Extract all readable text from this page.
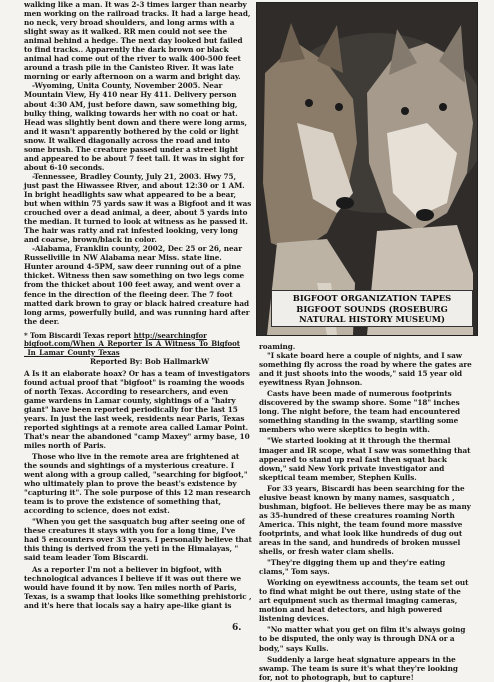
walking like a man. It was 2-3 times larger than nearby men working on the railroad tracks. It had a large head, no neck, very broad shoulders, and long arms with a slight sway as it walked. RR men could not see the animal behind a hedge. The next day looked but failed to find tracks.. Apparently the dark brown or black animal had come out of the river to walk 400-500 feet around a trash pile in the Canisteo River. It was late morning or early afternoon on a warm and bright day.

-Wyoming, Unita County, November 2005. Near Mountain View, Hy 410 near Hy 411. Delivery person about 4:30 AM, just before dawn, saw something big, bulky thing, walking towards her with no coat or hat. Head was slightly bent down and there were long arms, and it wasn't apparently bothered by the cold or light snow. It walked diagonally across the road and into some brush. The creature passed under a street light and appeared to be about 7 feet tall. It was in sight for about 6-10 seconds.

-Tennessee, Bradley County, July 21, 2003. Hwy 75, just past the Hiwassee River, and about 12:30 or 1 AM. In bright headlights saw what appeared to be a bear, but when within 75 yards saw it was a Bigfoot and it was crouched over a dead animal, a deer, about 5 yards into the median. It turned to look at witness as he passed it. The hair was ratty and rat infested looking, very long and coarse, brown/black in color.

-Alabama, Franklin county, 2002, Dec 25 or 26, near Russellville in NW Alabama near Miss. state line. Hunter around 4-5PM, saw deer running out of a pine thicket. Witness then saw something on two legs come from the thicket about 100 feet away, and went over a fence in the direction of the fleeing deer. The 7 foot matted dark brown to gray or black haired creature had long arms, powerfully build, and was running hard after the deer.

* Tom Biscardi Texas report http://searchingfor bigfoot.com/When_A_Reporter_Is_A_Witness_To_Bigfoot _In_Lamar_County_Texas

Reported By: Bob HallmarkW

A Is it an elaborate hoax? Or has a team of investigators found actual proof that "bigfoot" is roaming the woods of north Texas. According to researchers, and even game wardens in Lamar county, sightings of a "hairy giant" have been reported periodically for the last 15 years. In just the last week, residents near Paris, Texas reported sightings at a remote area called Lamar Point. That's near the abandoned "camp Maxey" army base, 10 miles north of Paris.

Those who live in the remote area are frightened at the sounds and sightings of a mysterious creature. I went along with a group called, "searching for bigfoot," who ultimately plan to prove the beast's existence by "capturing it". The sole purpose of this 12 man research team is to prove the existence of something that, according to science, does not exist.

"When you get the sasquatch bug after seeing one of these creatures it stays with you for a long time, I've had 5 encounters over 33 years. I personally believe that this thing is derived from the yeti in the Himalayas, " said team leader Tom Biscardi.

As a reporter I'm not a believer in bigfoot, with technological advances I believe if it was out there we would have found it by now. Ten miles north of Paris, Texas, is a swamp that looks like something prehistoric , and it's here that locals say a hairy ape-like giant is

BIGFOOT ORGANIZATION TAPES BIGFOOT SOUNDS (ROSEBURG NATURAL HISTORY MUSEUM)

roaming.

"I skate board here a couple of nights, and I saw something fly across the road by where the gates are and it just shoots into the woods," said 15 year old eyewitness Ryan Johnson.

Casts have been made of numerous footprints discovered by the swamp shore. Some "18" inches long. The night before, the team had encountered something standing in the swamp, startling some members who were skeptics to begin with.

"We started looking at it through the thermal imager and IR scope, what I saw was something that appeared to stand up real fast then squat back down," said New York private investigator and skeptical team member, Stephen Kulls.

For 33 years, Biscardi has been searching for the elusive beast known by many names, sasquatch , bushman, bigfoot. He believes there may be as many as 35-hundred of these creatures roaming North America. This night, the team found more massive footprints, and what look like hundreds of dug out areas in the sand, and hundreds of broken mussel shells, or fresh water clam shells.

"They're digging them up and they're eating clams," Tom says.

Working on eyewitness accounts, the team set out to find what might be out there, using state of the art equipment such as thermal imaging cameras, motion and heat detectors, and high powered listening devices.

"No matter what you get on film it's always going to be disputed, the only way is through DNA or a body," says Kulls.

Suddenly a large heat signature appears in the swamp. The team is sure it's what they're looking for, not to photograph, but to capture!

6.
